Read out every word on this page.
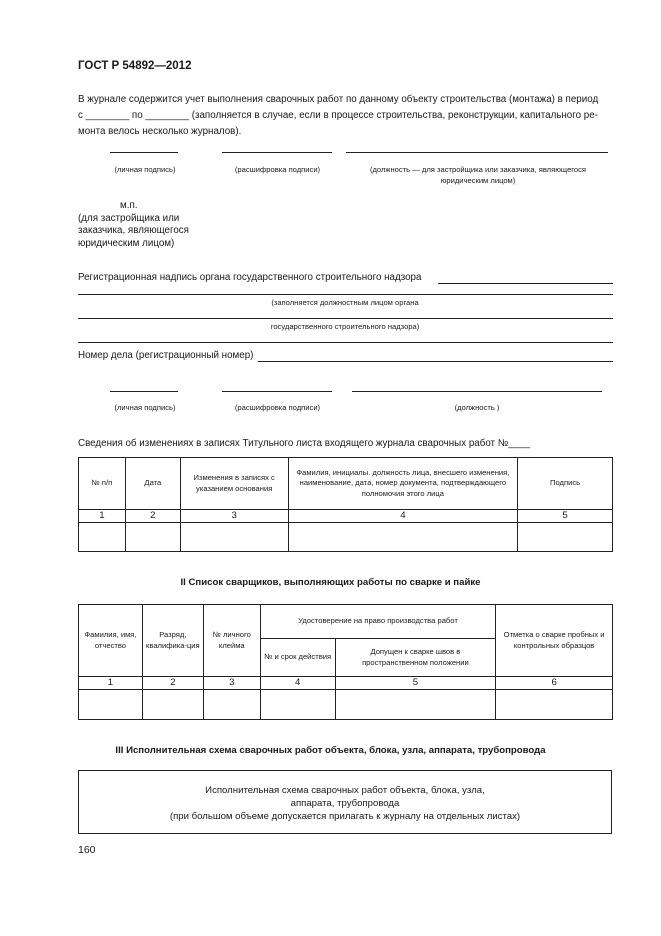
ГОСТ Р 54892—2012
В журнале содержится учет выполнения сварочных работ по данному объекту строительства (монтажа) в период
с ________ по ________ (заполняется в случае, если в процессе строительства, реконструкции, капитального ре-
монта велось несколько журналов).
(личная подпись)	(расшифровка подписи)	(должность — для застройщика или заказчика, являющегося
юридическим лицом)
м.п.
(для застройщика или
заказчика, являющегося
юридическим лицом)
Регистрационная надпись органа государственного строительного надзора
(заполняется должностным лицом органа
государственного строительного надзора)
Номер дела (регистрационный номер)
(личная подпись)	(расшифровка подписи)	(должность )
Сведения об изменениях в записях Титульного листа входящего журнала сварочных работ №____
№ п/п	Дата	Изменения в записях с указанием основания	Фамилия, инициалы. должность лица, внесшего изменения, наименование, дата, номер документа, подтверждающего полномочия этого лица	Подпись
1	2	3	4	5

II Список сварщиков, выполняющих работы по сварке и пайке
Фамилия, имя, отчество	Разряд, квалифика-ция	№ личного клейма	Удостоверение на право производства работ		Отметка о сварке пробных и контрольных образцов
			№ и срок действия	Допущен к сварке швов в пространственном положении	
1	2	3	4	5	6

III Исполнительная схема сварочных работ объекта, блока, узла, аппарата, трубопровода
Исполнительная схема сварочных работ объекта, блока, узла,
аппарата, трубопровода
(при большом объеме допускается прилагать к журналу на отдельных листах)
160
